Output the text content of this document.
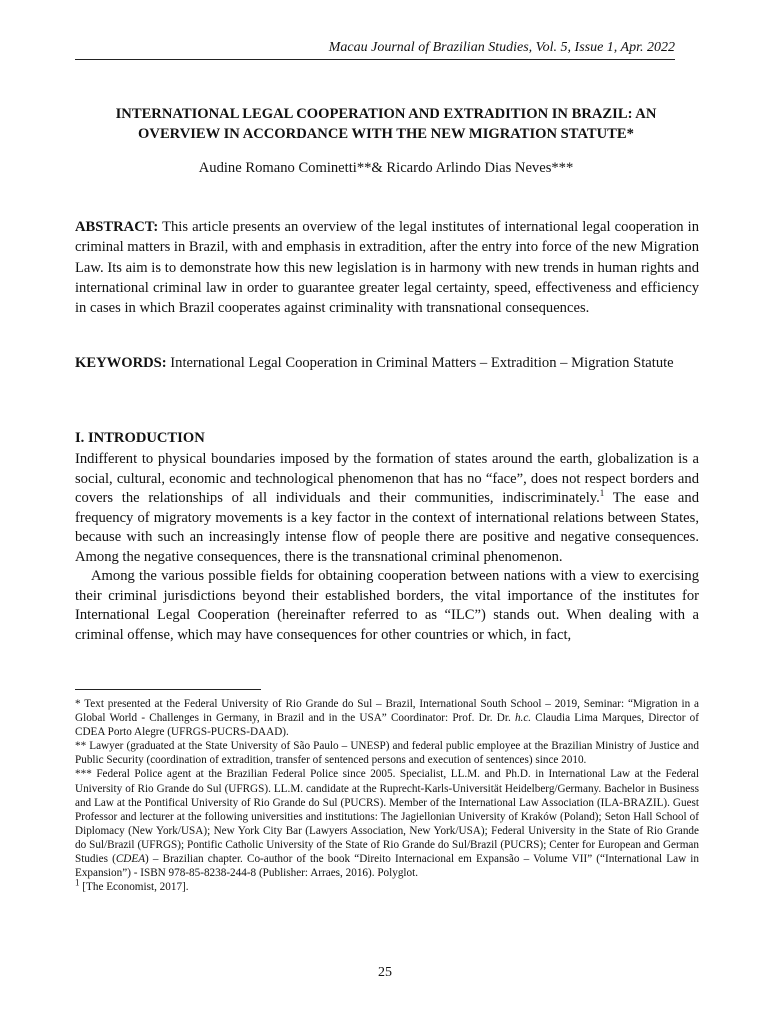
Macau Journal of Brazilian Studies, Vol. 5, Issue 1, Apr. 2022
INTERNATIONAL LEGAL COOPERATION AND EXTRADITION IN BRAZIL: AN OVERVIEW IN ACCORDANCE WITH THE NEW MIGRATION STATUTE*
Audine Romano Cominetti**& Ricardo Arlindo Dias Neves***

ABSTRACT: This article presents an overview of the legal institutes of international legal cooperation in criminal matters in Brazil, with and emphasis in extradition, after the entry into force of the new Migration Law. Its aim is to demonstrate how this new legislation is in harmony with new trends in human rights and international criminal law in order to guarantee greater legal certainty, speed, effectiveness and efficiency in cases in which Brazil cooperates against criminality with transnational consequences.

KEYWORDS: International Legal Cooperation in Criminal Matters – Extradition – Migration Statute

I. INTRODUCTION

Indifferent to physical boundaries imposed by the formation of states around the earth, globalization is a social, cultural, economic and technological phenomenon that has no “face”, does not respect borders and covers the relationships of all individuals and their communities, indiscriminately.$^1$ The ease and frequency of migratory movements is a key factor in the context of international relations between States, because with such an increasingly intense flow of people there are positive and negative consequences. Among the negative consequences, there is the transnational criminal phenomenon.

Among the various possible fields for obtaining cooperation between nations with a view to exercising their criminal jurisdictions beyond their established borders, the vital importance of the institutes for International Legal Cooperation (hereinafter referred to as “ILC”) stands out. When dealing with a criminal offense, which may have consequences for other countries or which, in fact,

* Text presented at the Federal University of Rio Grande do Sul – Brazil, International South School – 2019, Seminar: “Migration in a Global World - Challenges in Germany, in Brazil and in the USA” Coordinator: Prof. Dr. Dr. h.c. Claudia Lima Marques, Director of CDEA Porto Alegre (UFRGS-PUCRS-DAAD).

** Lawyer (graduated at the State University of São Paulo – UNESP) and federal public employee at the Brazilian Ministry of Justice and Public Security (coordination of extradition, transfer of sentenced persons and execution of sentences) since 2010.

*** Federal Police agent at the Brazilian Federal Police since 2005. Specialist, LL.M. and Ph.D. in International Law at the Federal University of Rio Grande do Sul (UFRGS). LL.M. candidate at the Ruprecht-Karls-Universität Heidelberg/Germany. Bachelor in Business and Law at the Pontifical University of Rio Grande do Sul (PUCRS). Member of the International Law Association (ILA-BRAZIL). Guest Professor and lecturer at the following universities and institutions: The Jagiellonian University of Kraków (Poland); Seton Hall School of Diplomacy (New York/USA); New York City Bar (Lawyers Association, New York/USA); Federal University in the State of Rio Grande do Sul/Brazil (UFRGS); Pontific Catholic University of the State of Rio Grande do Sul/Brazil (PUCRS); Center for European and German Studies (CDEA) – Brazilian chapter. Co-author of the book “Direito Internacional em Expansão – Volume VII” (“International Law in Expansion”) - ISBN 978-85-8238-244-8 (Publisher: Arraes, 2016). Polyglot.

$^1$ [The Economist, 2017].

25
